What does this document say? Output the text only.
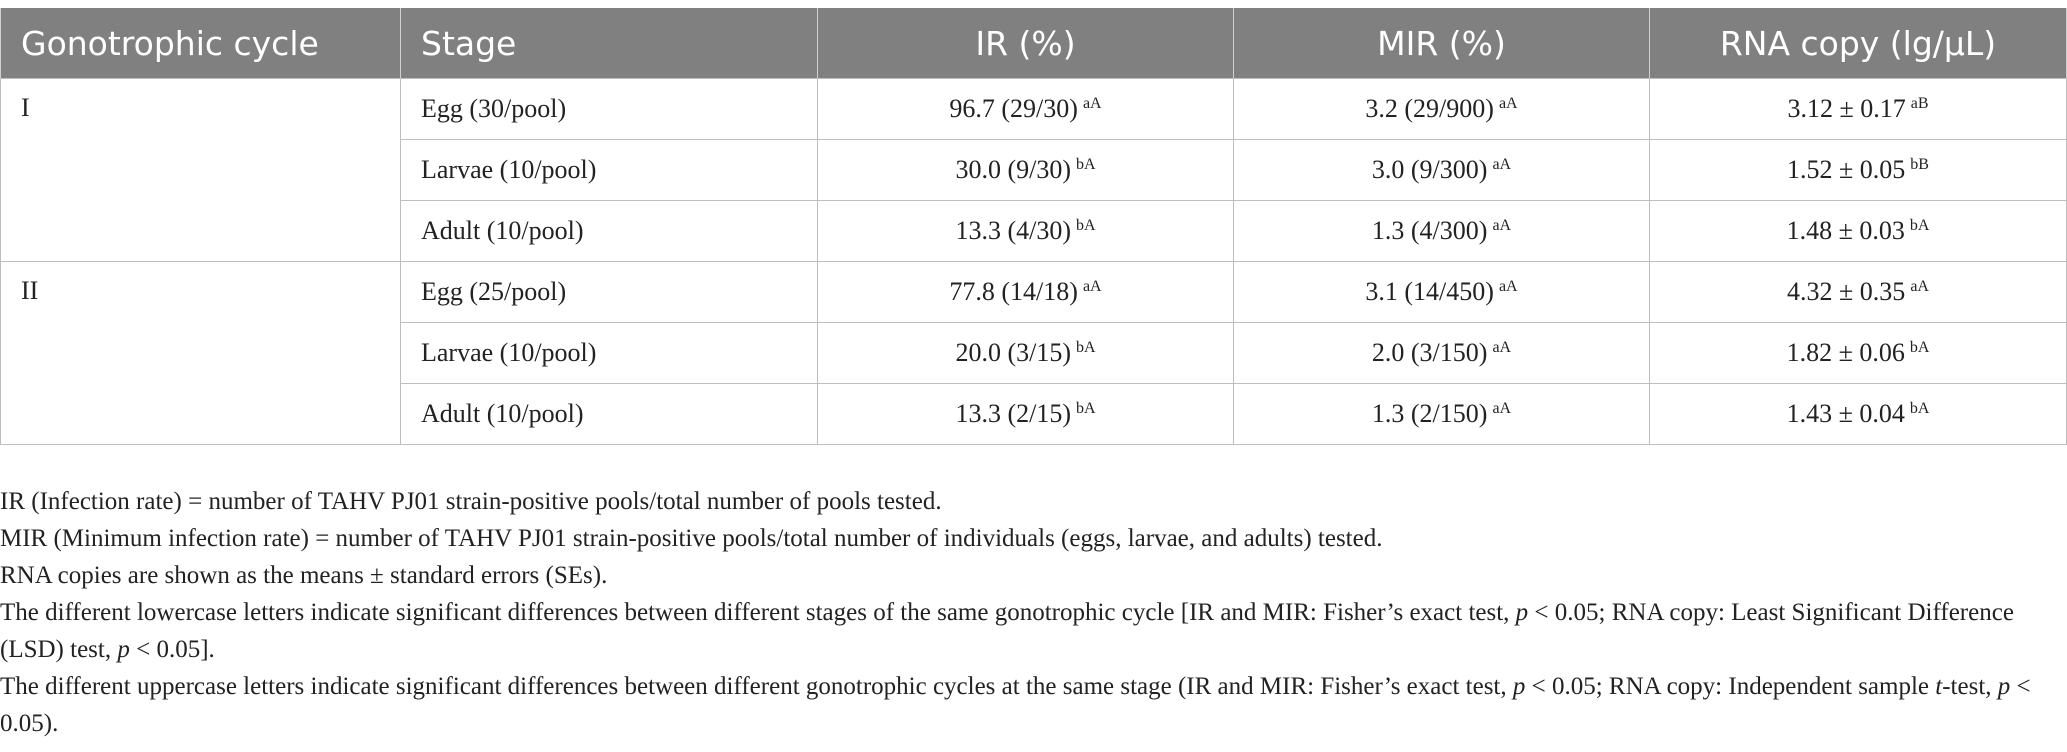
Gonotrophic cycle	Stage	IR (%)	MIR (%)	RNA copy (lg/μL)
I	Egg (30/pool)	96.7 (29/30) $^{aA}$	3.2 (29/900) $^{aA}$	3.12 ± 0.17 $^{aB}$
	Larvae (10/pool)	30.0 (9/30) $^{bA}$	3.0 (9/300) $^{aA}$	1.52 ± 0.05 $^{bB}$
	Adult (10/pool)	13.3 (4/30) $^{bA}$	1.3 (4/300) $^{aA}$	1.48 ± 0.03 $^{bA}$
II	Egg (25/pool)	77.8 (14/18) $^{aA}$	3.1 (14/450) $^{aA}$	4.32 ± 0.35 $^{aA}$
	Larvae (10/pool)	20.0 (3/15) $^{bA}$	2.0 (3/150) $^{aA}$	1.82 ± 0.06 $^{bA}$
	Adult (10/pool)	13.3 (2/15) $^{bA}$	1.3 (2/150) $^{aA}$	1.43 ± 0.04 $^{bA}$

IR (Infection rate) = number of TAHV PJ01 strain-positive pools/total number of pools tested.

MIR (Minimum infection rate) = number of TAHV PJ01 strain-positive pools/total number of individuals (eggs, larvae, and adults) tested.

RNA copies are shown as the means ± standard errors (SEs).

The different lowercase letters indicate significant differences between different stages of the same gonotrophic cycle [IR and MIR: Fisher’s exact test, p < 0.05; RNA copy: Least Significant Difference (LSD) test, p < 0.05].

The different uppercase letters indicate significant differences between different gonotrophic cycles at the same stage (IR and MIR: Fisher’s exact test, p < 0.05; RNA copy: Independent sample t-test, p < 0.05).
